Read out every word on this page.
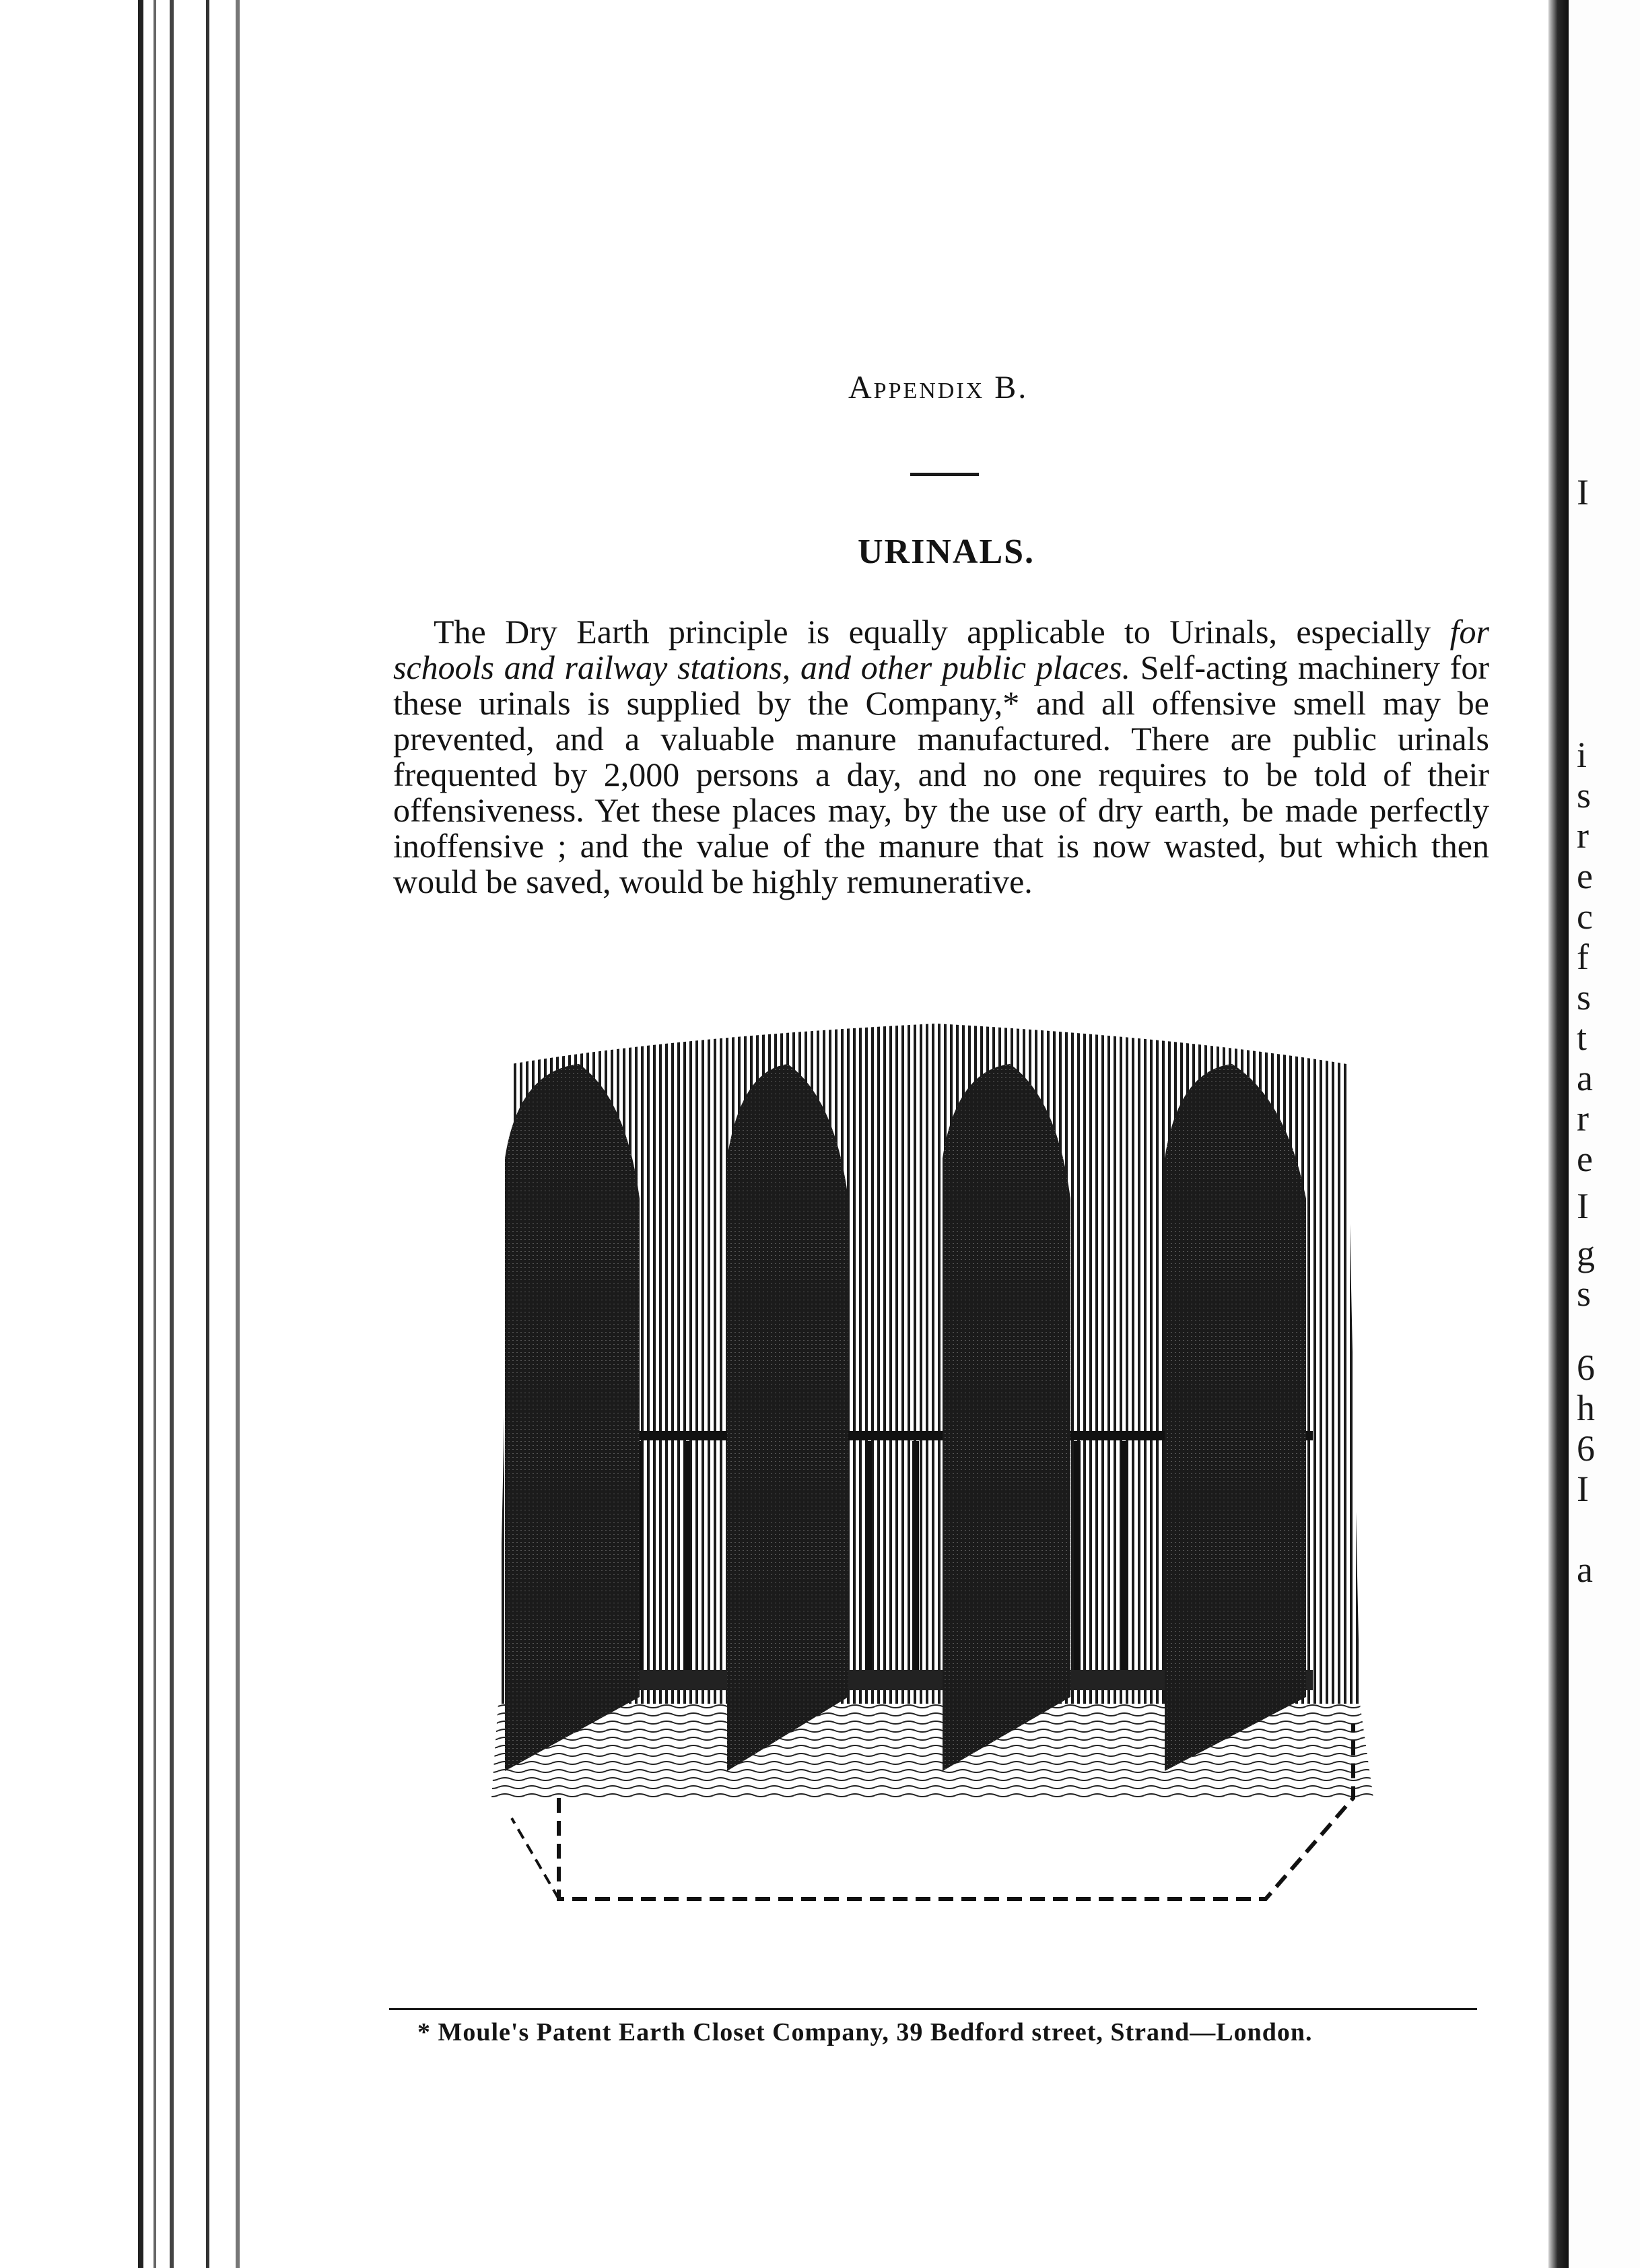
Appendix B.
URINALS.

The Dry Earth principle is equally applicable to Urinals, especially for schools and railway stations, and other public places. Self-acting machinery for these urinals is supplied by the Company,* and all offensive smell may be prevented, and a valuable manure manufactured. There are public urinals frequented by 2,000 persons a day, and no one requires to be told of their offensiveness. Yet these places may, by the use of dry earth, be made perfectly inoffensive ; and the value of the manure that is now wasted, but which then would be saved, would be highly remunerative.

* Moule's Patent Earth Closet Company, 39 Bedford street, Strand—London.
I
i
s
r
e
c
f
s
t
a
r
e
I
g
s
6
h
6
I
a
